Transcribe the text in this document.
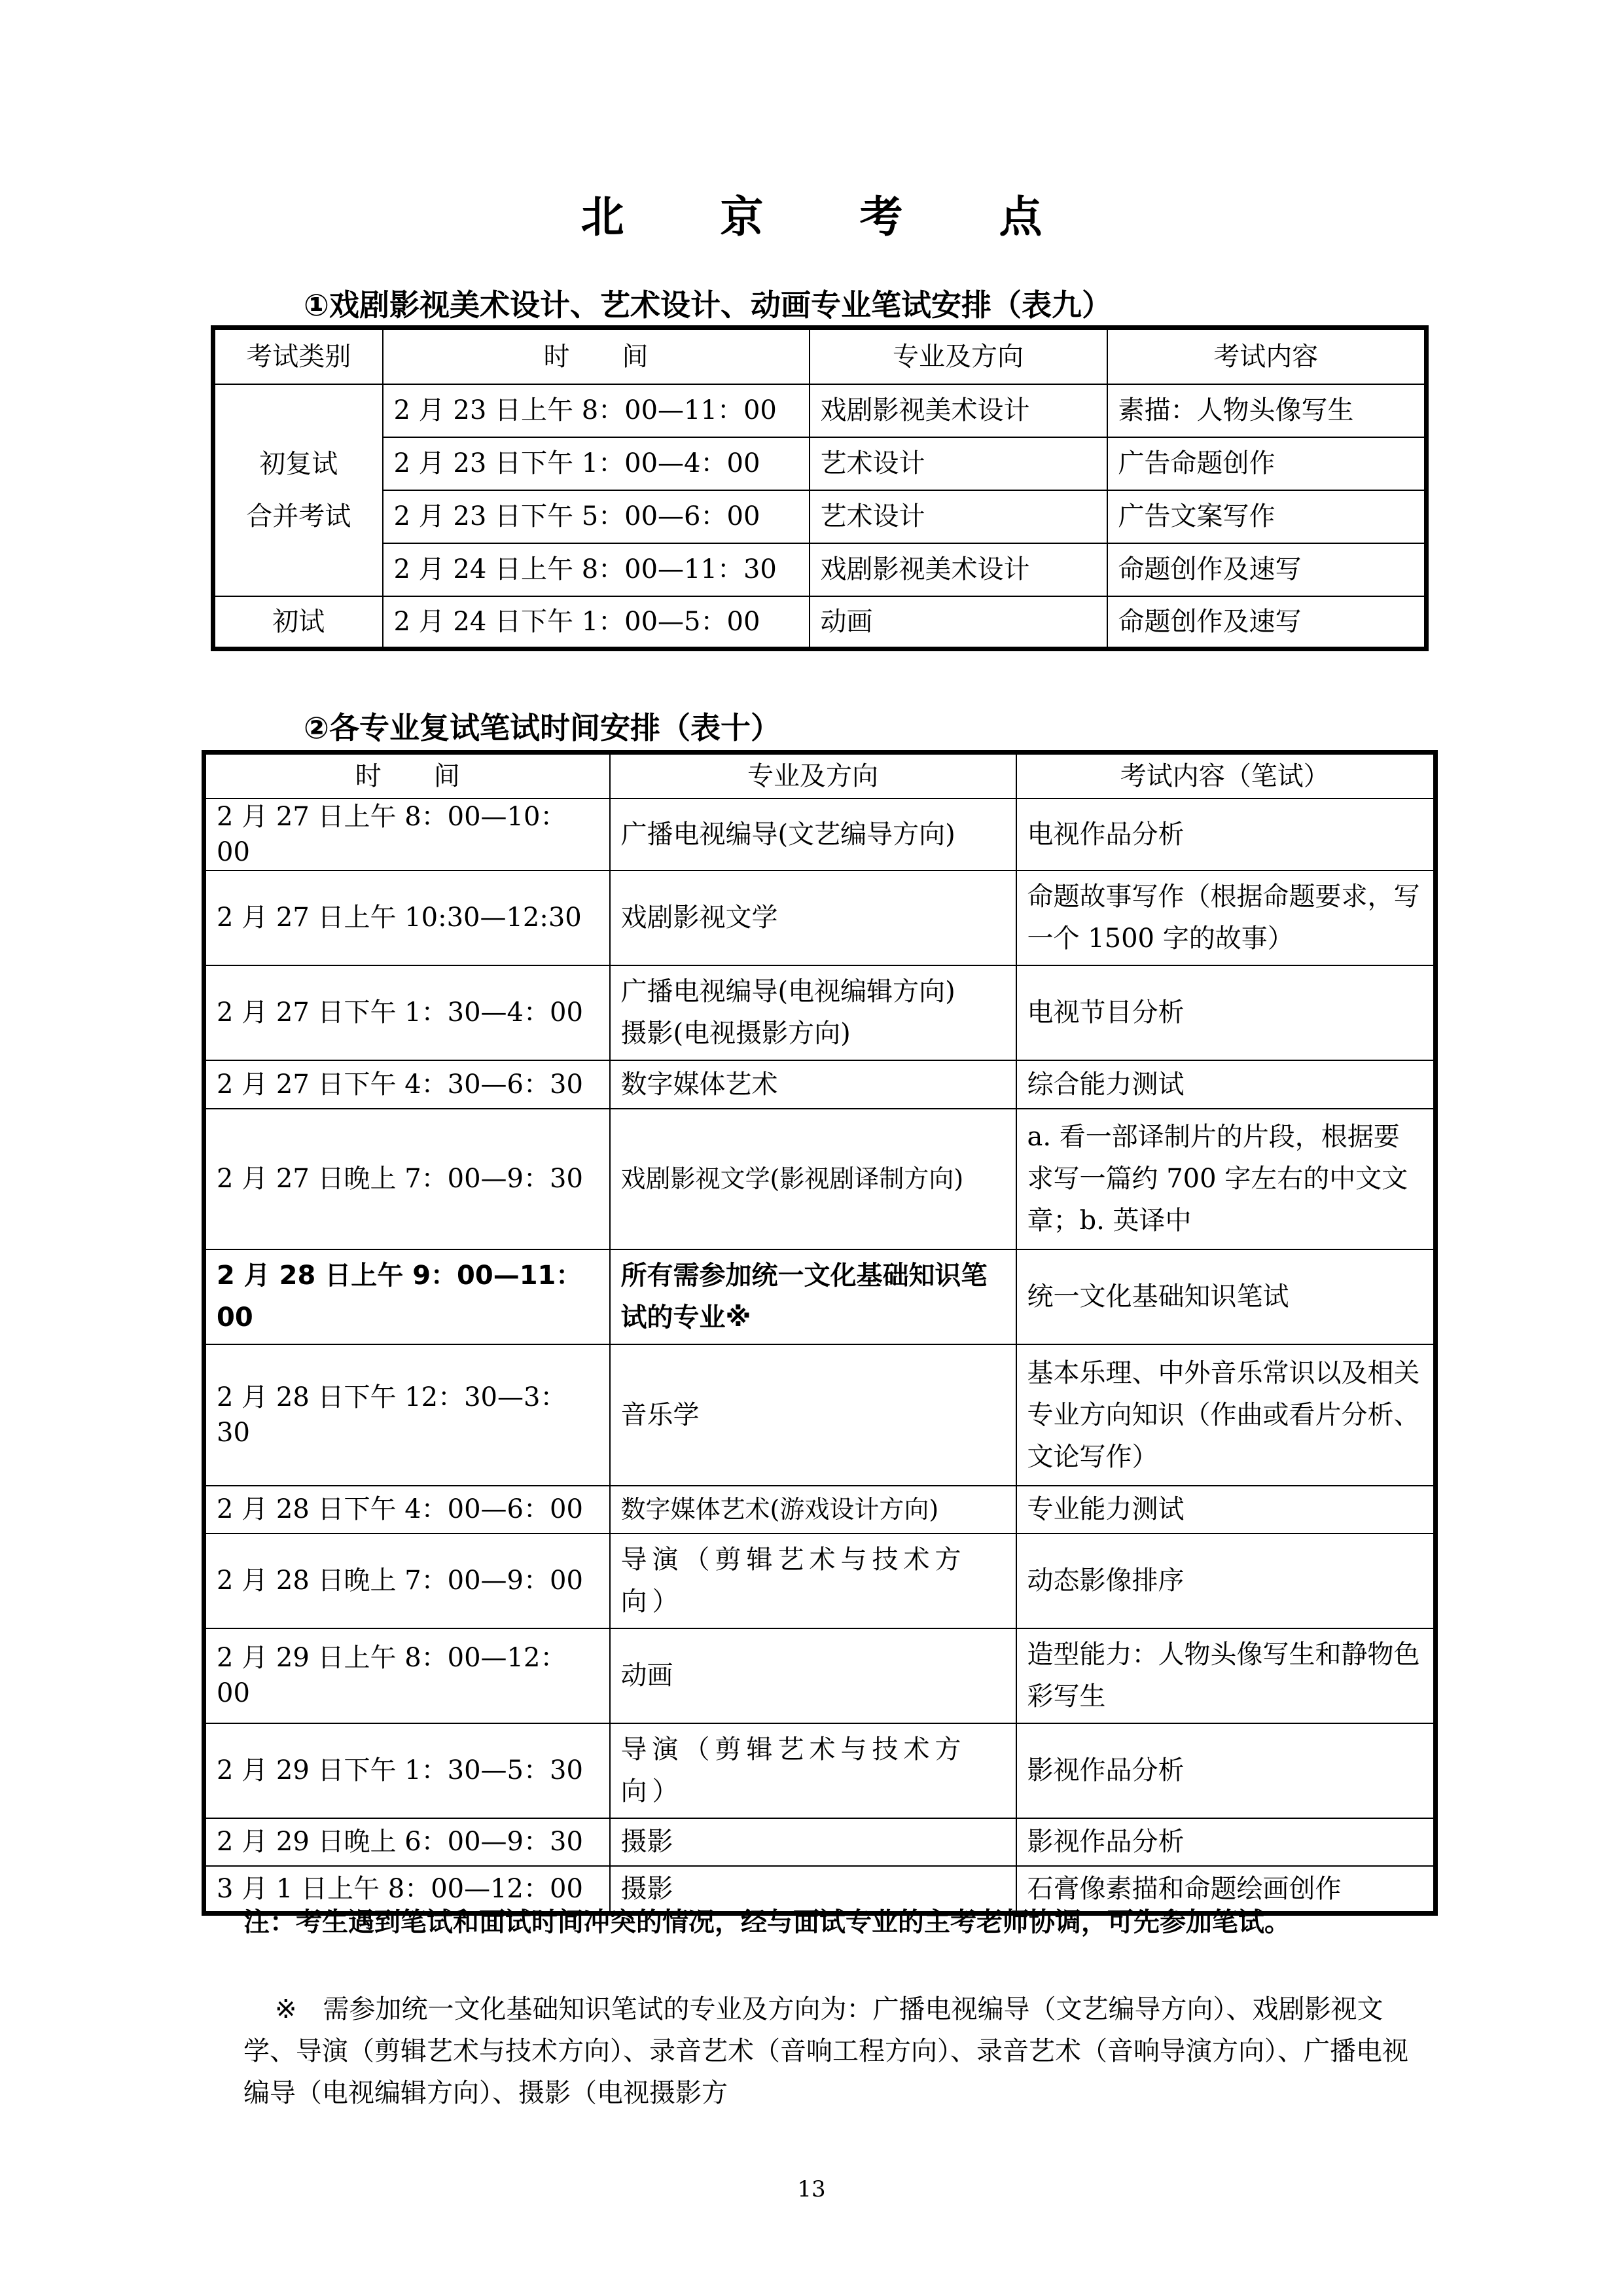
北 京 考 点
①戏剧影视美术设计、艺术设计、动画专业笔试安排（表九）
考试类别	时　　间	专业及方向	考试内容
初复试
合并考试	2 月 23 日上午 8：00—11：00	戏剧影视美术设计	素描：人物头像写生
	2 月 23 日下午 1：00—4：00	艺术设计	广告命题创作
	2 月 23 日下午 5：00—6：00	艺术设计	广告文案写作
	2 月 24 日上午 8：00—11：30	戏剧影视美术设计	命题创作及速写
初试	2 月 24 日下午 1：00—5：00	动画	命题创作及速写
②各专业复试笔试时间安排（表十）
时　　间	专业及方向	考试内容（笔试）
2 月 27 日上午 8：00—10：00	广播电视编导(文艺编导方向)	电视作品分析
2 月 27 日上午 10:30—12:30	戏剧影视文学	命题故事写作（根据命题要求，写一个 1500 字的故事）
2 月 27 日下午 1：30—4：00	广播电视编导(电视编辑方向)
摄影(电视摄影方向)	电视节目分析
2 月 27 日下午 4：30—6：30	数字媒体艺术	综合能力测试
2 月 27 日晚上 7：00—9：30	戏剧影视文学(影视剧译制方向)	a. 看一部译制片的片段，根据要求写一篇约 700 字左右的中文文章；b. 英译中
2 月 28 日上午 9：00—11：00	所有需参加统一文化基础知识笔试的专业※	统一文化基础知识笔试
2 月 28 日下午 12：30—3：30	音乐学	基本乐理、中外音乐常识以及相关专业方向知识（作曲或看片分析、文论写作）
2 月 28 日下午 4：00—6：00	数字媒体艺术(游戏设计方向)	专业能力测试
2 月 28 日晚上 7：00—9：00	导演（剪辑艺术与技术方向）	动态影像排序
2 月 29 日上午 8：00—12：00	动画	造型能力：人物头像写生和静物色彩写生
2 月 29 日下午 1：30—5：30	导演（剪辑艺术与技术方向）	影视作品分析
2 月 29 日晚上 6：00—9：30	摄影	影视作品分析
3 月 1 日上午 8：00—12：00	摄影	石膏像素描和命题绘画创作
注：考生遇到笔试和面试时间冲突的情况，经与面试专业的主考老师协调，可先参加笔试。
※　需参加统一文化基础知识笔试的专业及方向为：广播电视编导（文艺编导方向）、戏剧影视文学、导演（剪辑艺术与技术方向）、录音艺术（音响工程方向）、录音艺术（音响导演方向）、广播电视编导（电视编辑方向）、摄影（电视摄影方
13
